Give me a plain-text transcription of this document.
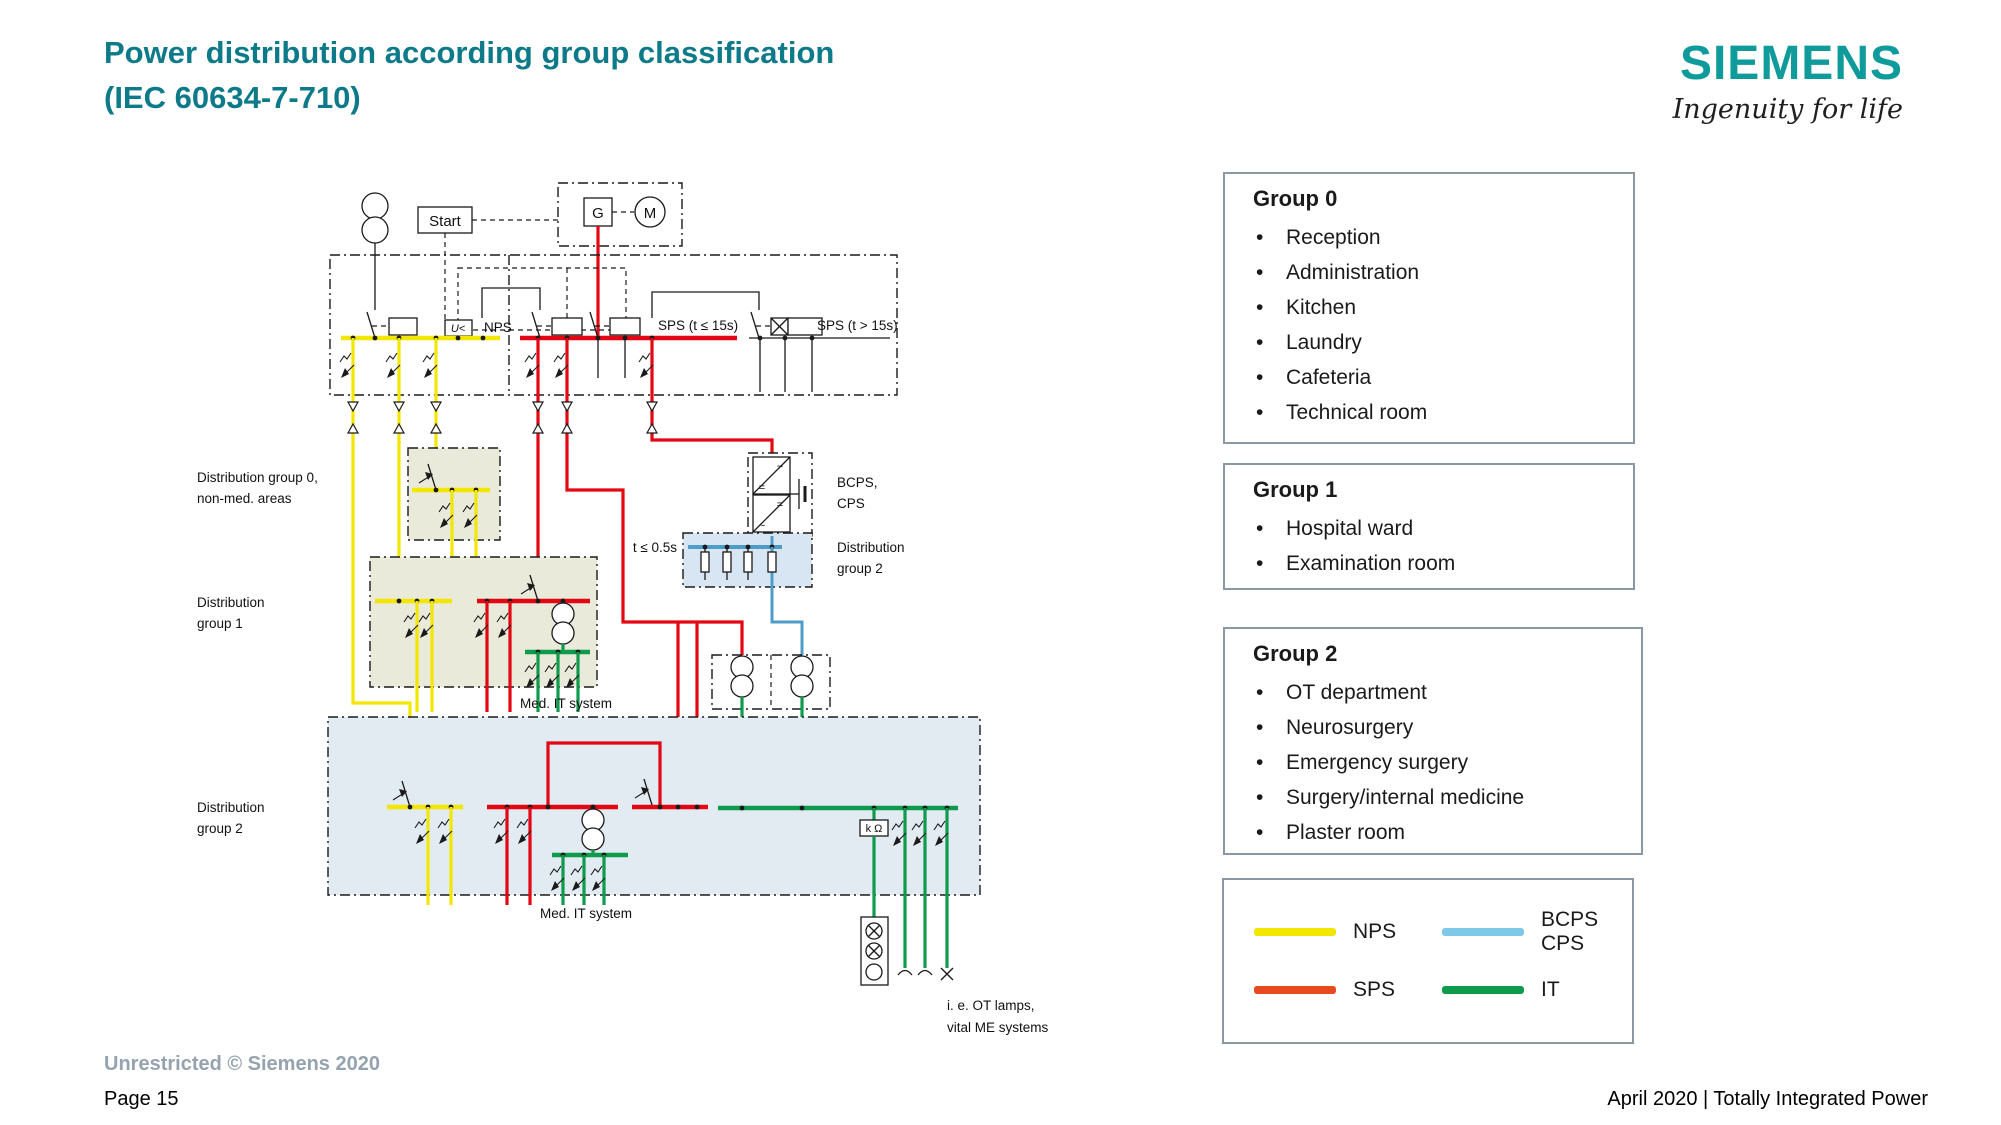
Power distribution according group classification
(IEC 60634-7-710)
SIEMENS
Ingenuity for life
Group 0
• Reception
• Administration
• Kitchen
• Laundry
• Cafeteria
• Technical room
Group 1
• Hospital ward
• Examination room
Group 2
• OT department
• Neurosurgery
• Emergency surgery
• Surgery/internal medicine
• Plaster room
NPS
BCPS
CPS
SPS	IT
Unrestricted © Siemens 2020
Page 15	April 2020 | Totally Integrated Power
Start	G	M
U< NPS	SPS (t ≤ 15s)	SPS (t > 15s)
Distribution group 0,
non-med. areas
Distribution
group 1
Med. IT system
~
=
=
~
BCPS,
CPS
t ≤ 0.5s	Distribution
group 2
Med. IT system
k Ω
i. e. OT lamps,
vital ME systems
Distribution
group 2
